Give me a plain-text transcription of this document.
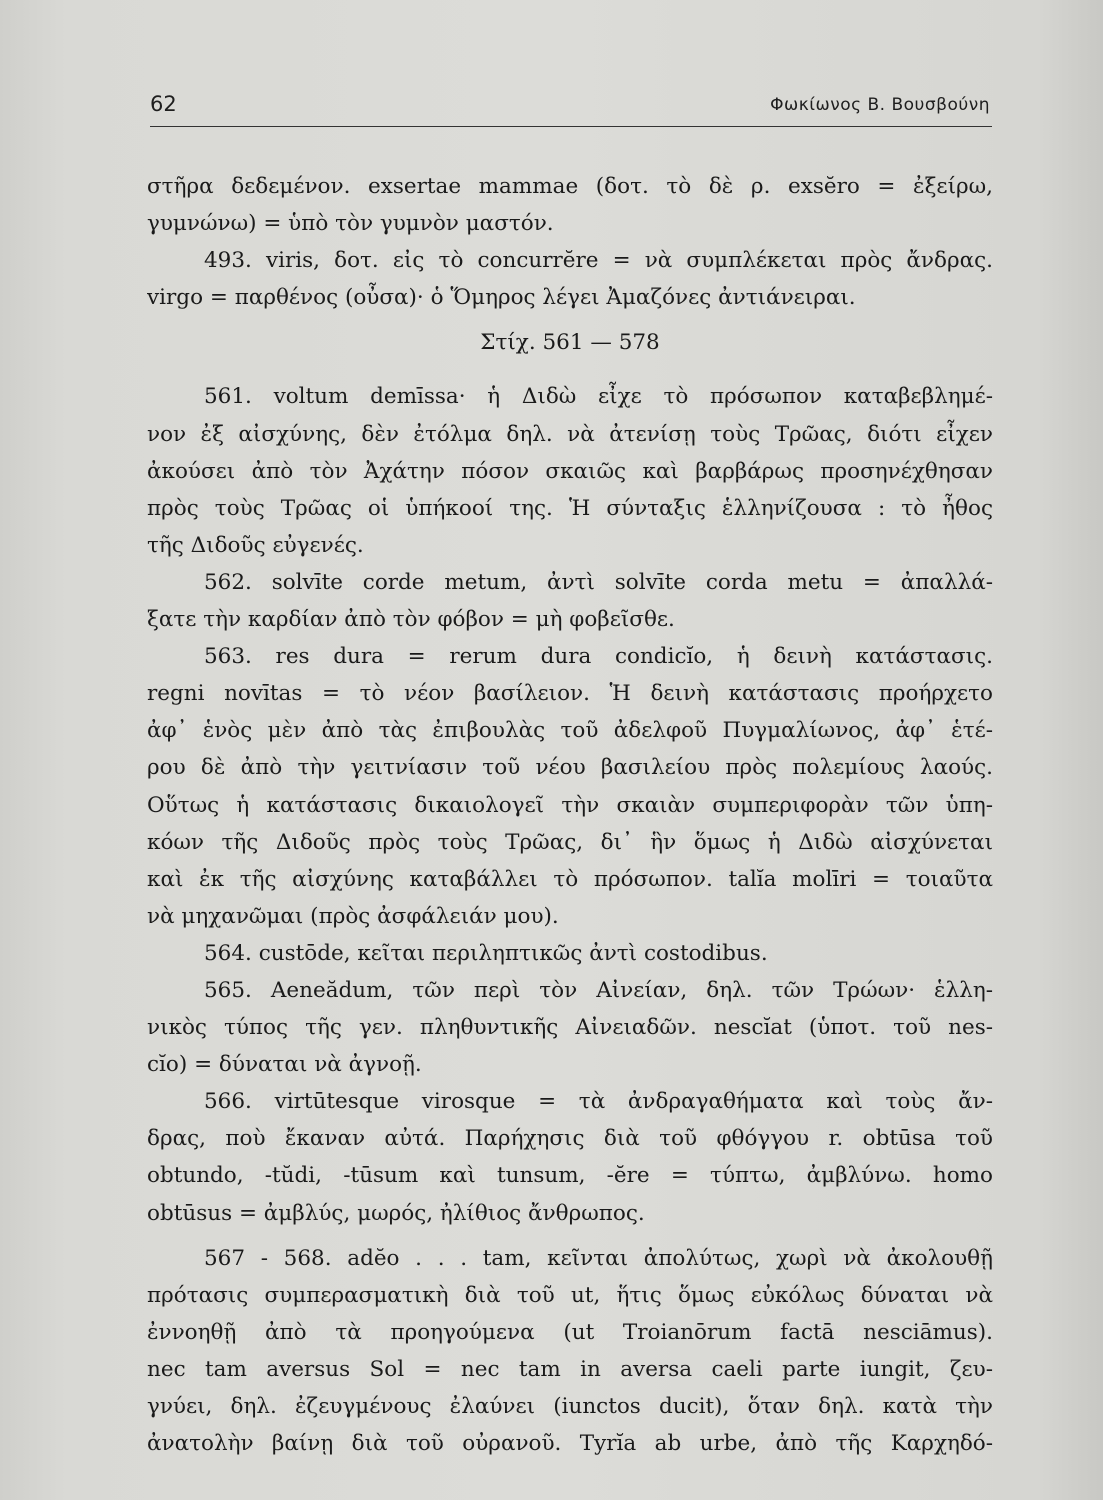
62	Φωκίωνος Β. Βουσβούνη
στῆρα δεδεμένον. exsertae mammae (δοτ. τὸ δὲ ρ. exsĕro = ἐξείρω,
γυμνώνω) = ὑπὸ τὸν γυμνὸν μαστόν.
493. viris, δοτ. εἰς τὸ concurrĕre = νὰ συμπλέκεται πρὸς ἄνδρας.
virgo = παρθένος (οὖσα)· ὁ Ὅμηρος λέγει Ἀμαζόνες ἀντιάνειραι.
Στίχ. 561 — 578
561. voltum demīssa· ἡ Διδὼ εἶχε τὸ πρόσωπον καταβεβλημέ-
νον ἐξ αἰσχύνης, δὲν ἐτόλμα δηλ. νὰ ἀτενίσῃ τοὺς Τρῶας, διότι εἶχεν
ἀκούσει ἀπὸ τὸν Ἀχάτην πόσον σκαιῶς καὶ βαρβάρως προσηνέχθησαν
πρὸς τοὺς Τρῶας οἱ ὑπήκοοί της. Ἡ σύνταξις ἑλληνίζουσα : τὸ ἦθος
τῆς Διδοῦς εὐγενές.
562. solvīte corde metum, ἀντὶ solvīte corda metu = ἀπαλλά-
ξατε τὴν καρδίαν ἀπὸ τὸν φόβον = μὴ φοβεῖσθε.
563. res dura = rerum dura condicĭo, ἡ δεινὴ κατάστασις.
regni novītas = τὸ νέον βασίλειον. Ἡ δεινὴ κατάστασις προήρχετο
ἀφ᾿ ἑνὸς μὲν ἀπὸ τὰς ἐπιβουλὰς τοῦ ἀδελφοῦ Πυγμαλίωνος, ἀφ᾿ ἑτέ-
ρου δὲ ἀπὸ τὴν γειτνίασιν τοῦ νέου βασιλείου πρὸς πολεμίους λαούς.
Οὕτως ἡ κατάστασις δικαιολογεῖ τὴν σκαιὰν συμπεριφορὰν τῶν ὑπη-
κόων τῆς Διδοῦς πρὸς τοὺς Τρῶας, δι᾿ ἣν ὅμως ἡ Διδὼ αἰσχύνεται
καὶ ἐκ τῆς αἰσχύνης καταβάλλει τὸ πρόσωπον. talĭa molīri = τοιαῦτα
νὰ μηχανῶμαι (πρὸς ἀσφάλειάν μου).
564. custōde, κεῖται περιληπτικῶς ἀντὶ costodibus.
565. Aeneădum, τῶν περὶ τὸν Αἰνείαν, δηλ. τῶν Τρώων· ἑλλη-
νικὸς τύπος τῆς γεν. πληθυντικῆς Αἰνειαδῶν. nescĭat (ὑποτ. τοῦ nes-
cĭo) = δύναται νὰ ἀγνοῇ.
566. virtūtesque virosque = τὰ ἀνδραγαθήματα καὶ τοὺς ἄν-
δρας, ποὺ ἔκαναν αὐτά. Παρήχησις διὰ τοῦ φθόγγου r. obtūsa τοῦ
obtundo, -tŭdi, -tūsum καὶ tunsum, -ĕre = τύπτω, ἀμβλύνω. homo
obtūsus = ἀμβλύς, μωρός, ἠλίθιος ἄνθρωπος.
567 - 568. adĕo . . . tam, κεῖνται ἀπολύτως, χωρὶ νὰ ἀκολουθῇ
πρότασις συμπερασματικὴ διὰ τοῦ ut, ἥτις ὅμως εὐκόλως δύναται νὰ
ἐννοηθῇ ἀπὸ τὰ προηγούμενα (ut Troianōrum factā nesciāmus).
nec tam aversus Sol = nec tam in aversa caeli parte iungit, ζευ-
γνύει, δηλ. ἐζευγμένους ἐλαύνει (iunctos ducit), ὅταν δηλ. κατὰ τὴν
ἀνατολὴν βαίνῃ διὰ τοῦ οὐρανοῦ. Tyrĭa ab urbe, ἀπὸ τῆς Καρχηδό-
